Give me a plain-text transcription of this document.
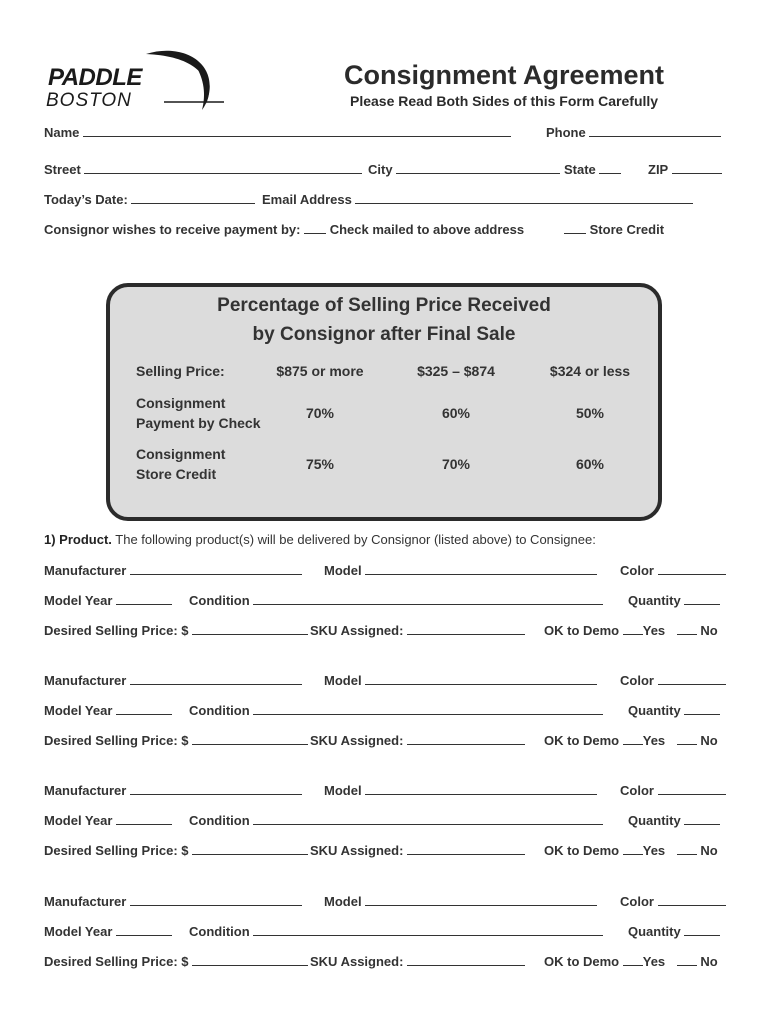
PADDLE
BOSTON
Consignment Agreement
Please Read Both Sides of this Form Carefully
Name	Phone
Street	City	State	ZIP
Today’s Date:	Email Address
Consignor wishes to receive payment by: Check mailed to above address	Store Credit
Percentage of Selling Price Received
by Consignor after Final Sale
Selling Price:	$875 or more	$325 – $874	$324 or less
Consignment
Payment by Check
70%	60%	50%
Consignment
Store Credit
75%	70%	60%
1) Product. The following product(s) will be delivered by Consignor (listed above) to Consignee:
Manufacturer	Model	Color
Model Year	Condition	Quantity
Desired Selling Price: $	SKU Assigned:	OK to Demo Yes	No
Manufacturer	Model	Color
Model Year	Condition	Quantity
Desired Selling Price: $	SKU Assigned:	OK to Demo Yes	No
Manufacturer	Model	Color
Model Year	Condition	Quantity
Desired Selling Price: $	SKU Assigned:	OK to Demo Yes	No
Manufacturer	Model	Color
Model Year	Condition	Quantity
Desired Selling Price: $	SKU Assigned:	OK to Demo Yes	No
